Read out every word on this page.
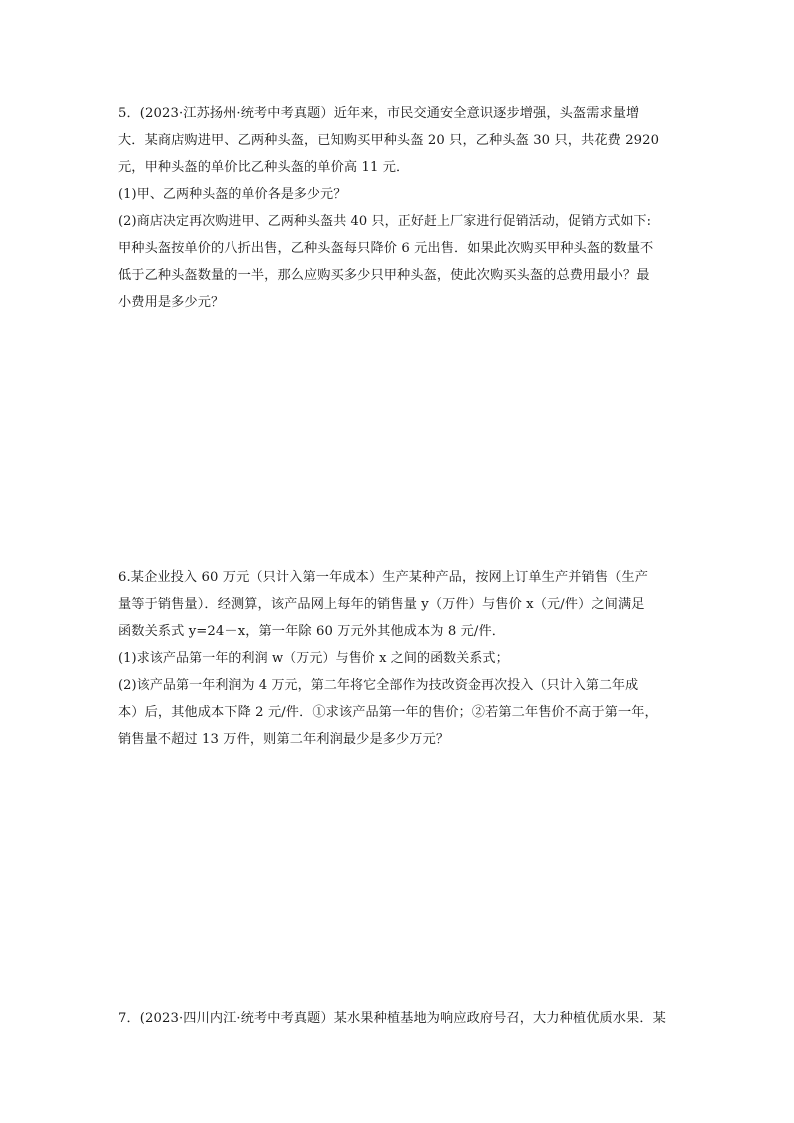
5．(2023·江苏扬州·统考中考真题）近年来，市民交通安全意识逐步增强，头盔需求量增
大．某商店购进甲、乙两种头盔，已知购买甲种头盔 20 只，乙种头盔 30 只，共花费 2920
元，甲种头盔的单价比乙种头盔的单价高 11 元．
(1)甲、乙两种头盔的单价各是多少元？
(2)商店决定再次购进甲、乙两种头盔共 40 只，正好赶上厂家进行促销活动，促销方式如下:
甲种头盔按单价的八折出售，乙种头盔每只降价 6 元出售．如果此次购买甲种头盔的数量不
低于乙种头盔数量的一半，那么应购买多少只甲种头盔，使此次购买头盔的总费用最小？最
小费用是多少元？
6.某企业投入 60 万元（只计入第一年成本）生产某种产品，按网上订单生产并销售（生产
量等于销售量）．经测算，该产品网上每年的销售量 y（万件）与售价 x（元/件）之间满足
函数关系式 y=24－x，第一年除 60 万元外其他成本为 8 元/件．
(1)求该产品第一年的利润 w（万元）与售价 x 之间的函数关系式；
(2)该产品第一年利润为 4 万元，第二年将它全部作为技改资金再次投入（只计入第二年成
本）后，其他成本下降 2 元/件．①求该产品第一年的售价；②若第二年售价不高于第一年，
销售量不超过 13 万件，则第二年利润最少是多少万元？
7．(2023·四川内江·统考中考真题）某水果种植基地为响应政府号召，大力种植优质水果．某
